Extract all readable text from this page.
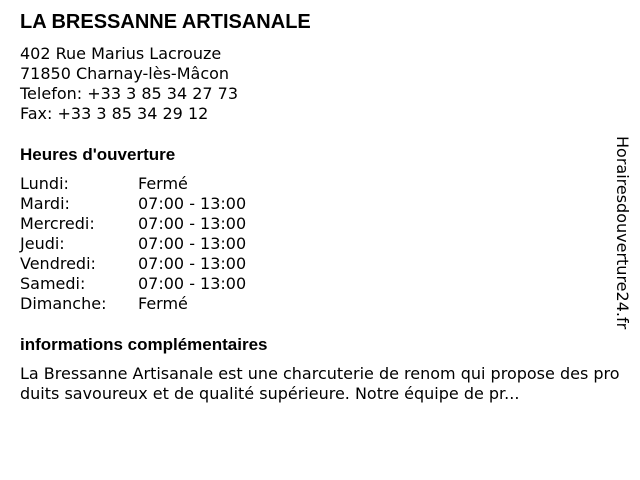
LA BRESSANNE ARTISANALE
402 Rue Marius Lacrouze
71850 Charnay-lès-Mâcon
Telefon: +33 3 85 34 27 73
Fax: +33 3 85 34 29 12
Heures d'ouverture
Lundi:	Fermé
Mardi:	07:00 - 13:00
Mercredi:	07:00 - 13:00
Jeudi:	07:00 - 13:00
Vendredi:	07:00 - 13:00
Samedi:	07:00 - 13:00
Dimanche:	Fermé
informations complémentaires
La Bressanne Artisanale est une charcuterie de renom qui propose des produits savoureux et de qualité supérieure. Notre équipe de pr...
Horairesdouverture24.fr
